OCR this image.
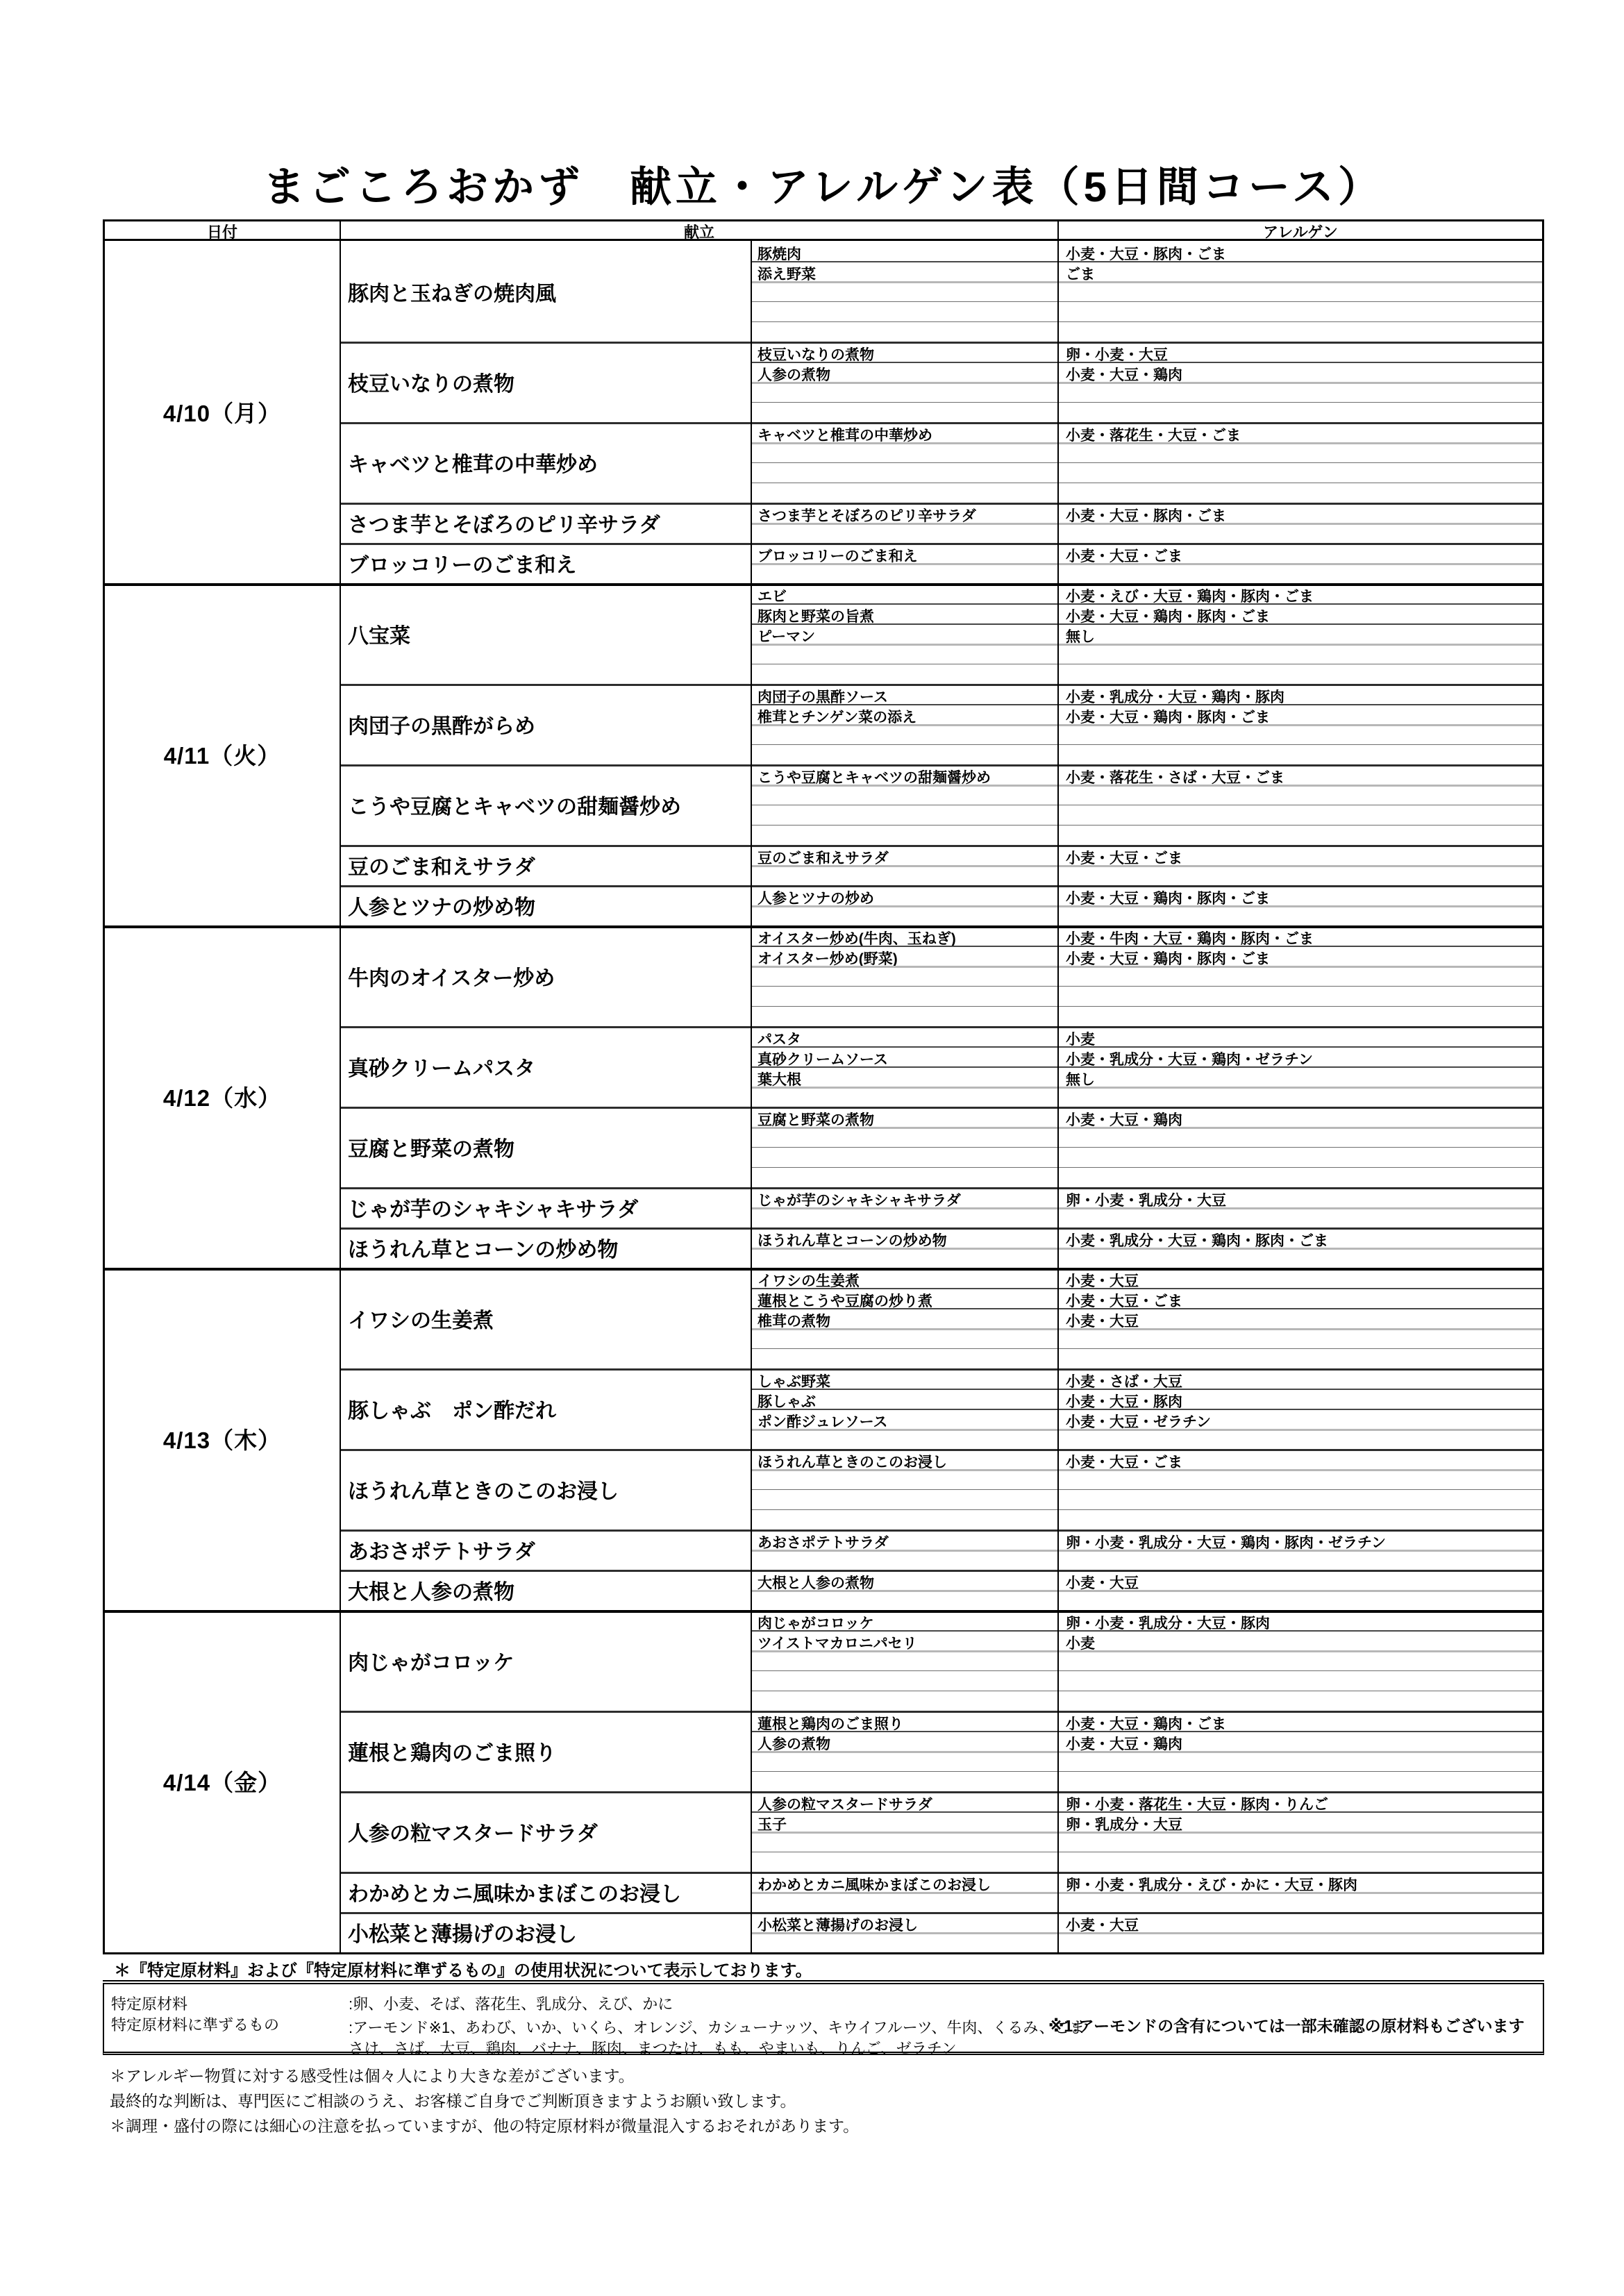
まごころおかず　献立・アレルゲン表（5日間コース）
日付	献立	アレルゲン
4/10（月）
豚肉と玉ねぎの焼肉風
豚焼肉	小麦・大豆・豚肉・ごま
添え野菜	ごま
枝豆いなりの煮物
枝豆いなりの煮物	卵・小麦・大豆
人参の煮物	小麦・大豆・鶏肉
キャベツと椎茸の中華炒め
キャベツと椎茸の中華炒め	小麦・落花生・大豆・ごま
さつま芋とそぼろのピリ辛サラダ	さつま芋とそぼろのピリ辛サラダ	小麦・大豆・豚肉・ごま
ブロッコリーのごま和え	ブロッコリーのごま和え	小麦・大豆・ごま
4/11（火）
八宝菜
エビ	小麦・えび・大豆・鶏肉・豚肉・ごま
豚肉と野菜の旨煮	小麦・大豆・鶏肉・豚肉・ごま
ピーマン	無し
肉団子の黒酢がらめ
肉団子の黒酢ソース	小麦・乳成分・大豆・鶏肉・豚肉
椎茸とチンゲン菜の添え	小麦・大豆・鶏肉・豚肉・ごま
こうや豆腐とキャベツの甜麺醤炒め
こうや豆腐とキャベツの甜麺醤炒め	小麦・落花生・さば・大豆・ごま
豆のごま和えサラダ	豆のごま和えサラダ	小麦・大豆・ごま
人参とツナの炒め物	人参とツナの炒め	小麦・大豆・鶏肉・豚肉・ごま
4/12（水）
牛肉のオイスター炒め
オイスター炒め(牛肉、玉ねぎ)	小麦・牛肉・大豆・鶏肉・豚肉・ごま
オイスター炒め(野菜)	小麦・大豆・鶏肉・豚肉・ごま
真砂クリームパスタ
パスタ	小麦
真砂クリームソース	小麦・乳成分・大豆・鶏肉・ゼラチン
葉大根	無し
豆腐と野菜の煮物
豆腐と野菜の煮物	小麦・大豆・鶏肉
じゃが芋のシャキシャキサラダ	じゃが芋のシャキシャキサラダ	卵・小麦・乳成分・大豆
ほうれん草とコーンの炒め物	ほうれん草とコーンの炒め物	小麦・乳成分・大豆・鶏肉・豚肉・ごま
4/13（木）
イワシの生姜煮
イワシの生姜煮	小麦・大豆
蓮根とこうや豆腐の炒り煮	小麦・大豆・ごま
椎茸の煮物	小麦・大豆
豚しゃぶ　ポン酢だれ
しゃぶ野菜	小麦・さば・大豆
豚しゃぶ	小麦・大豆・豚肉
ポン酢ジュレソース	小麦・大豆・ゼラチン
ほうれん草ときのこのお浸し
ほうれん草ときのこのお浸し	小麦・大豆・ごま
あおさポテトサラダ	あおさポテトサラダ	卵・小麦・乳成分・大豆・鶏肉・豚肉・ゼラチン
大根と人参の煮物	大根と人参の煮物	小麦・大豆
4/14（金）
肉じゃがコロッケ
肉じゃがコロッケ	卵・小麦・乳成分・大豆・豚肉
ツイストマカロニパセリ	小麦
蓮根と鶏肉のごま照り
蓮根と鶏肉のごま照り	小麦・大豆・鶏肉・ごま
人参の煮物	小麦・大豆・鶏肉
人参の粒マスタードサラダ
人参の粒マスタードサラダ	卵・小麦・落花生・大豆・豚肉・りんご
玉子	卵・乳成分・大豆
わかめとカニ風味かまぼこのお浸し	わかめとカニ風味かまぼこのお浸し	卵・小麦・乳成分・えび・かに・大豆・豚肉
小松菜と薄揚げのお浸し	小松菜と薄揚げのお浸し	小麦・大豆
＊『特定原材料』および『特定原材料に準ずるもの』の使用状況について表示しております。
特定原材料
特定原材料に準ずるもの
:卵、小麦、そば、落花生、乳成分、えび、かに
:アーモンド※1、あわび、いか、いくら、オレンジ、カシューナッツ、キウイフルーツ、牛肉、くるみ、ごま
さけ、さば、大豆、鶏肉、バナナ、豚肉、まつたけ、もも、やまいも、りんご、ゼラチン
※1:アーモンドの含有については一部未確認の原材料もございます
＊アレルギー物質に対する感受性は個々人により大きな差がございます。
最終的な判断は、専門医にご相談のうえ、お客様ご自身でご判断頂きますようお願い致します。
＊調理・盛付の際には細心の注意を払っていますが、他の特定原材料が微量混入するおそれがあります。
